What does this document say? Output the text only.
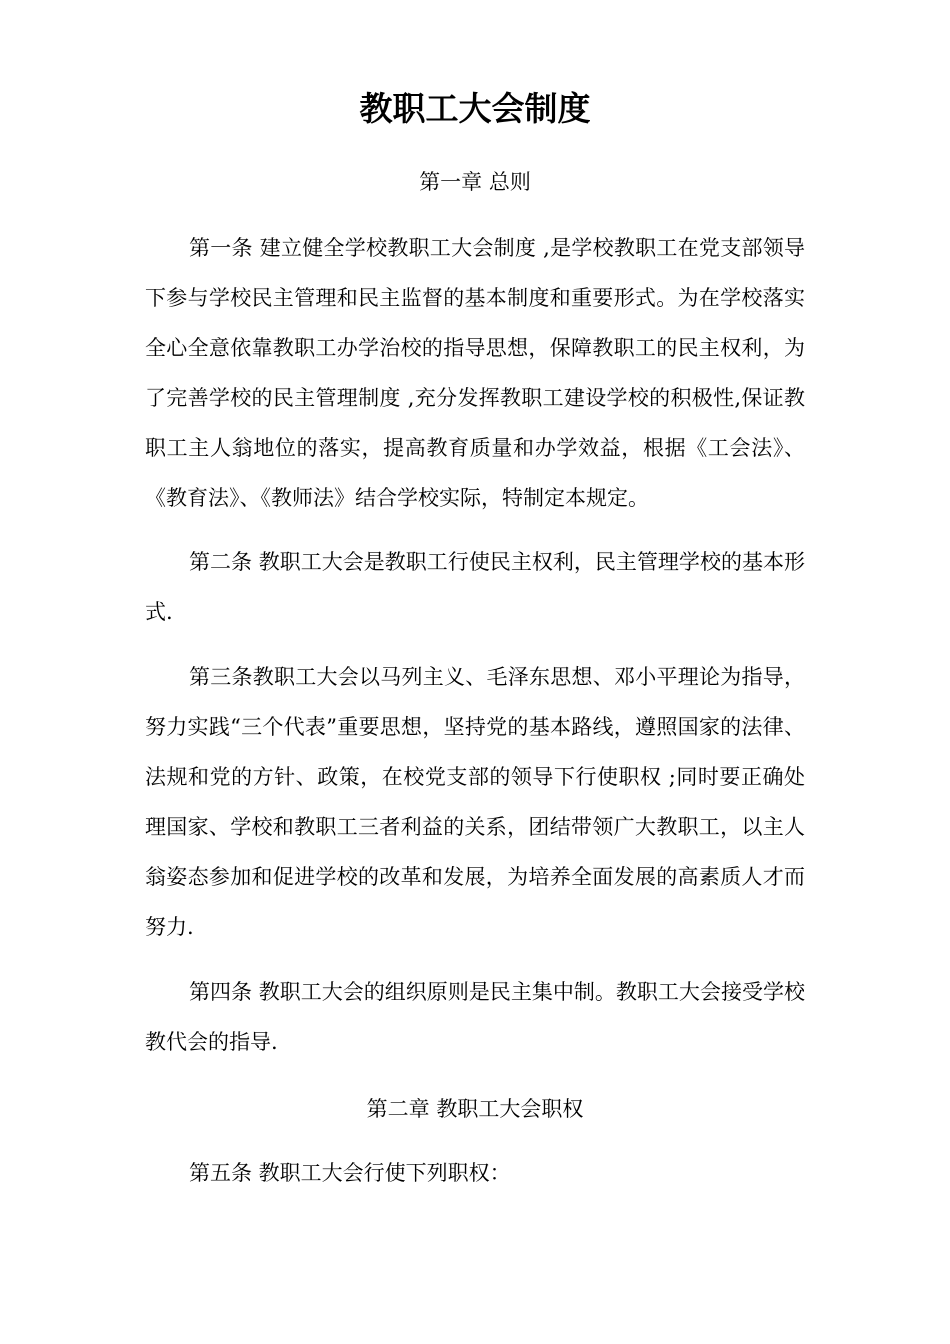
教职工大会制度

第一章 总则

第一条 建立健全学校教职工大会制度 ,是学校教职工在党支部领导下参与学校民主管理和民主监督的基本制度和重要形式。为在学校落实全心全意依靠教职工办学治校的指导思想，保障教职工的民主权利，为了完善学校的民主管理制度 ,充分发挥教职工建设学校的积极性,保证教职工主人翁地位的落实，提高教育质量和办学效益，根据《工会法》、《教育法》、《教师法》结合学校实际，特制定本规定。

第二条 教职工大会是教职工行使民主权利，民主管理学校的基本形式.

第三条教职工大会以马列主义、毛泽东思想、邓小平理论为指导，努力实践“三个代表”重要思想，坚持党的基本路线，遵照国家的法律、法规和党的方针、政策，在校党支部的领导下行使职权 ;同时要正确处理国家、学校和教职工三者利益的关系，团结带领广大教职工，以主人翁姿态参加和促进学校的改革和发展，为培养全面发展的高素质人才而努力.

第四条 教职工大会的组织原则是民主集中制。教职工大会接受学校教代会的指导.

第二章 教职工大会职权

第五条 教职工大会行使下列职权：
